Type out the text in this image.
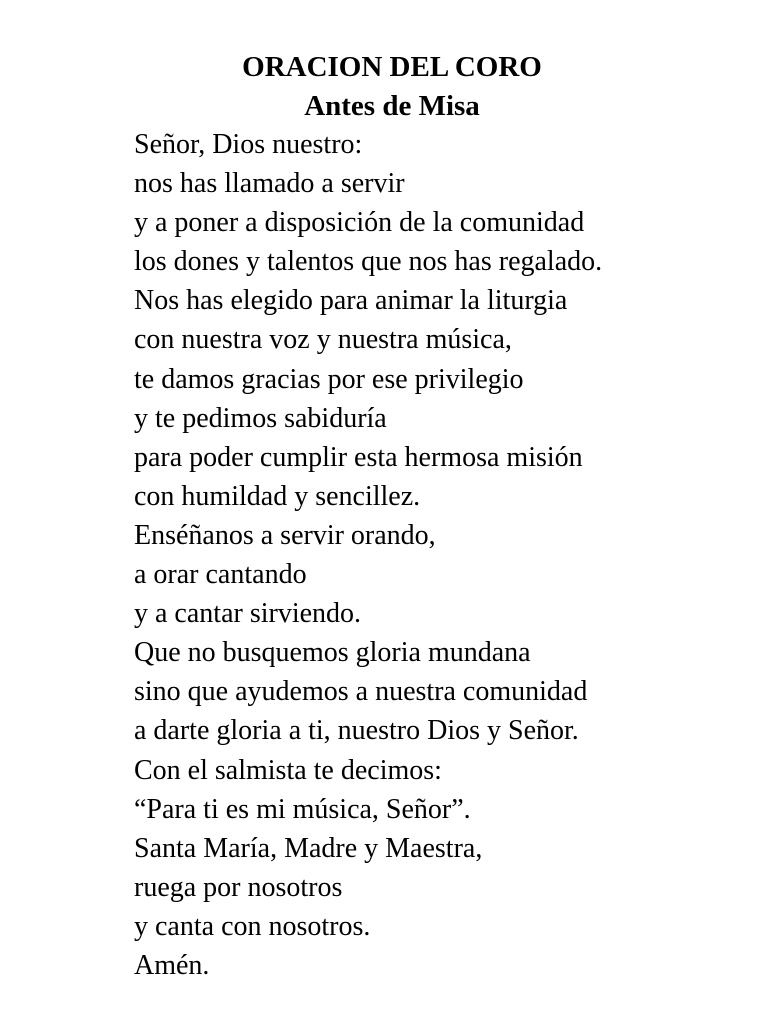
ORACION DEL CORO
Antes de Misa
Señor, Dios nuestro:
nos has llamado a servir
y a poner a disposición de la comunidad
los dones y talentos que nos has regalado.
Nos has elegido para animar la liturgia
con nuestra voz y nuestra música,
te damos gracias por ese privilegio
y te pedimos sabiduría
para poder cumplir esta hermosa misión
con humildad y sencillez.
Enséñanos a servir orando,
a orar cantando
y a cantar sirviendo.
Que no busquemos gloria mundana
sino que ayudemos a nuestra comunidad
a darte gloria a ti, nuestro Dios y Señor.
Con el salmista te decimos:
“Para ti es mi música, Señor”.
Santa María, Madre y Maestra,
ruega por nosotros
y canta con nosotros.
Amén.
